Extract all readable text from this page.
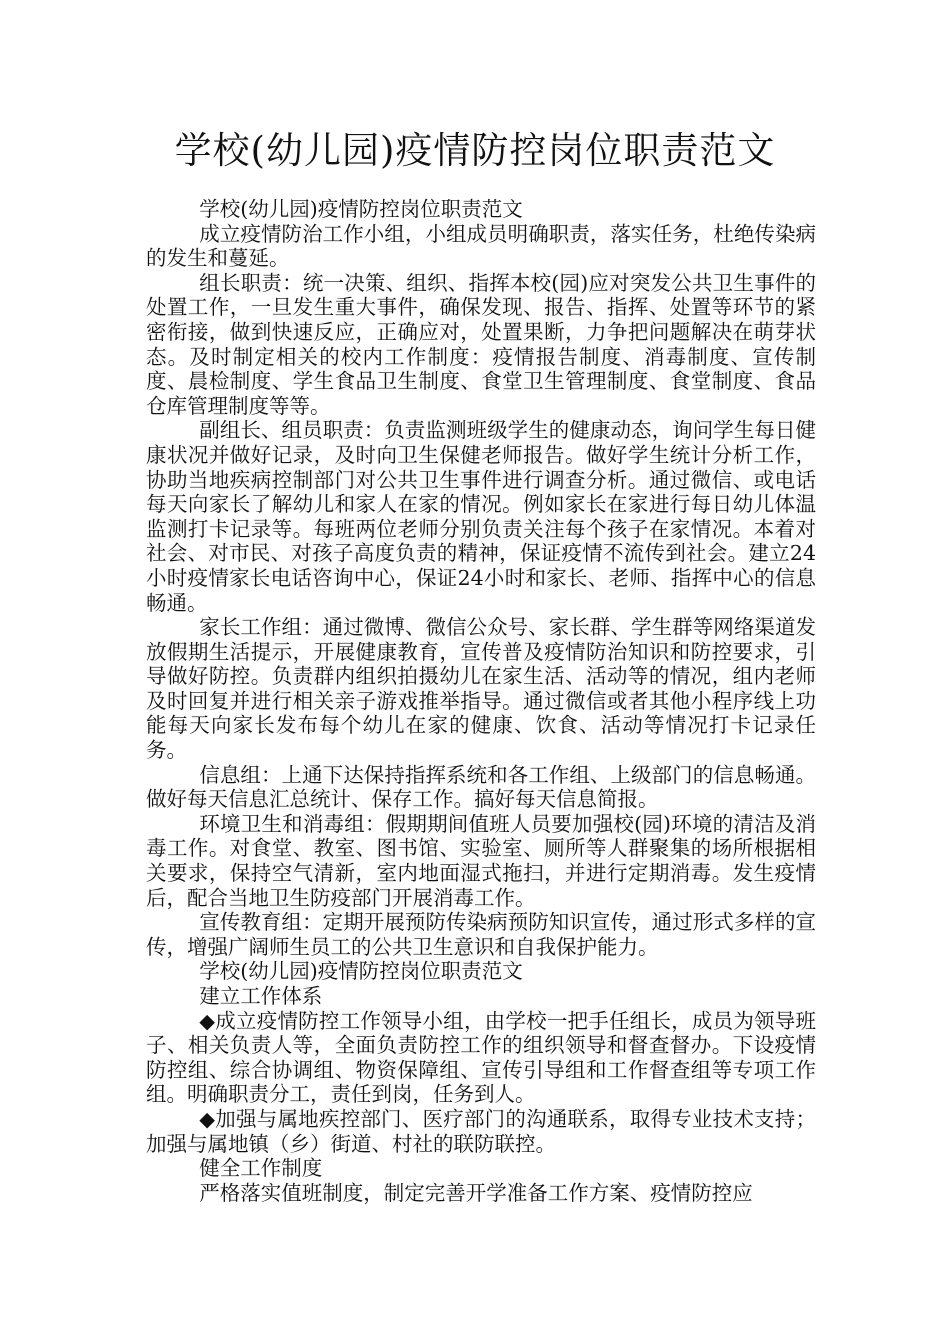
学校(幼儿园)疫情防控岗位职责范文

学校(幼儿园)疫情防控岗位职责范文

成立疫情防治工作小组，小组成员明确职责，落实任务，杜绝传染病的发生和蔓延。

组长职责：统一决策、组织、指挥本校(园)应对突发公共卫生事件的处置工作，一旦发生重大事件，确保发现、报告、指挥、处置等环节的紧密衔接，做到快速反应，正确应对，处置果断，力争把问题解决在萌芽状态。及时制定相关的校内工作制度：疫情报告制度、消毒制度、宣传制度、晨检制度、学生食品卫生制度、食堂卫生管理制度、食堂制度、食品仓库管理制度等等。

副组长、组员职责：负责监测班级学生的健康动态，询问学生每日健康状况并做好记录，及时向卫生保健老师报告。做好学生统计分析工作，协助当地疾病控制部门对公共卫生事件进行调查分析。通过微信、或电话每天向家长了解幼儿和家人在家的情况。例如家长在家进行每日幼儿体温监测打卡记录等。每班两位老师分别负责关注每个孩子在家情况。本着对社会、对市民、对孩子高度负责的精神，保证疫情不流传到社会。建立24小时疫情家长电话咨询中心，保证24小时和家长、老师、指挥中心的信息畅通。

家长工作组：通过微博、微信公众号、家长群、学生群等网络渠道发放假期生活提示，开展健康教育，宣传普及疫情防治知识和防控要求，引导做好防控。负责群内组织拍摄幼儿在家生活、活动等的情况，组内老师及时回复并进行相关亲子游戏推举指导。通过微信或者其他小程序线上功能每天向家长发布每个幼儿在家的健康、饮食、活动等情况打卡记录任务。

信息组：上通下达保持指挥系统和各工作组、上级部门的信息畅通。做好每天信息汇总统计、保存工作。搞好每天信息简报。

环境卫生和消毒组：假期期间值班人员要加强校(园)环境的清洁及消毒工作。对食堂、教室、图书馆、实验室、厕所等人群聚集的场所根据相关要求，保持空气清新，室内地面湿式拖扫，并进行定期消毒。发生疫情后，配合当地卫生防疫部门开展消毒工作。

宣传教育组：定期开展预防传染病预防知识宣传，通过形式多样的宣传，增强广阔师生员工的公共卫生意识和自我保护能力。

学校(幼儿园)疫情防控岗位职责范文

建立工作体系

◆成立疫情防控工作领导小组，由学校一把手任组长，成员为领导班子、相关负责人等，全面负责防控工作的组织领导和督查督办。下设疫情防控组、综合协调组、物资保障组、宣传引导组和工作督查组等专项工作组。明确职责分工，责任到岗，任务到人。

◆加强与属地疾控部门、医疗部门的沟通联系，取得专业技术支持；加强与属地镇（乡）街道、村社的联防联控。

健全工作制度

严格落实值班制度，制定完善开学准备工作方案、疫情防控应
